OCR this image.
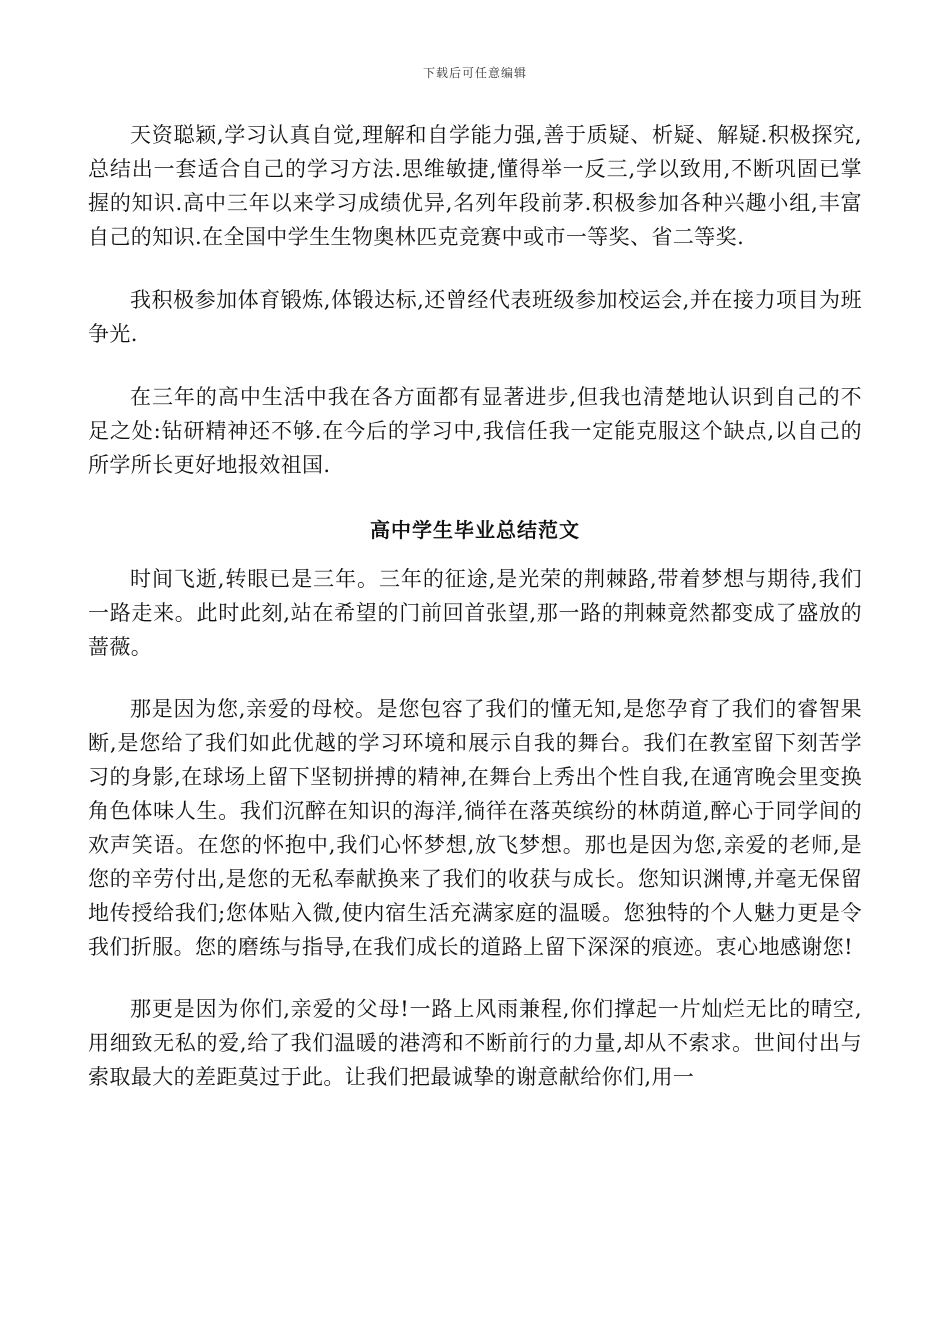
下载后可任意编辑

天资聪颖,学习认真自觉,理解和自学能力强,善于质疑、析疑、解疑.积极探究,总结出一套适合自己的学习方法.思维敏捷,懂得举一反三,学以致用,不断巩固已掌握的知识.高中三年以来学习成绩优异,名列年段前茅.积极参加各种兴趣小组,丰富自己的知识.在全国中学生生物奥林匹克竞赛中或市一等奖、省二等奖.

我积极参加体育锻炼,体锻达标,还曾经代表班级参加校运会,并在接力项目为班争光.

在三年的高中生活中我在各方面都有显著进步,但我也清楚地认识到自己的不足之处:钻研精神还不够.在今后的学习中,我信任我一定能克服这个缺点,以自己的所学所长更好地报效祖国.

高中学生毕业总结范文

时间飞逝,转眼已是三年。三年的征途,是光荣的荆棘路,带着梦想与期待,我们一路走来。此时此刻,站在希望的门前回首张望,那一路的荆棘竟然都变成了盛放的蔷薇。

那是因为您,亲爱的母校。是您包容了我们的懂无知,是您孕育了我们的睿智果断,是您给了我们如此优越的学习环境和展示自我的舞台。我们在教室留下刻苦学习的身影,在球场上留下坚韧拼搏的精神,在舞台上秀出个性自我,在通宵晚会里变换角色体味人生。我们沉醉在知识的海洋,徜徉在落英缤纷的林荫道,醉心于同学间的欢声笑语。在您的怀抱中,我们心怀梦想,放飞梦想。那也是因为您,亲爱的老师,是您的辛劳付出,是您的无私奉献换来了我们的收获与成长。您知识渊博,并毫无保留地传授给我们;您体贴入微,使内宿生活充满家庭的温暖。您独特的个人魅力更是令我们折服。您的磨练与指导,在我们成长的道路上留下深深的痕迹。衷心地感谢您!

那更是因为你们,亲爱的父母!一路上风雨兼程,你们撑起一片灿烂无比的晴空,用细致无私的爱,给了我们温暖的港湾和不断前行的力量,却从不索求。世间付出与索取最大的差距莫过于此。让我们把最诚挚的谢意献给你们,用一
